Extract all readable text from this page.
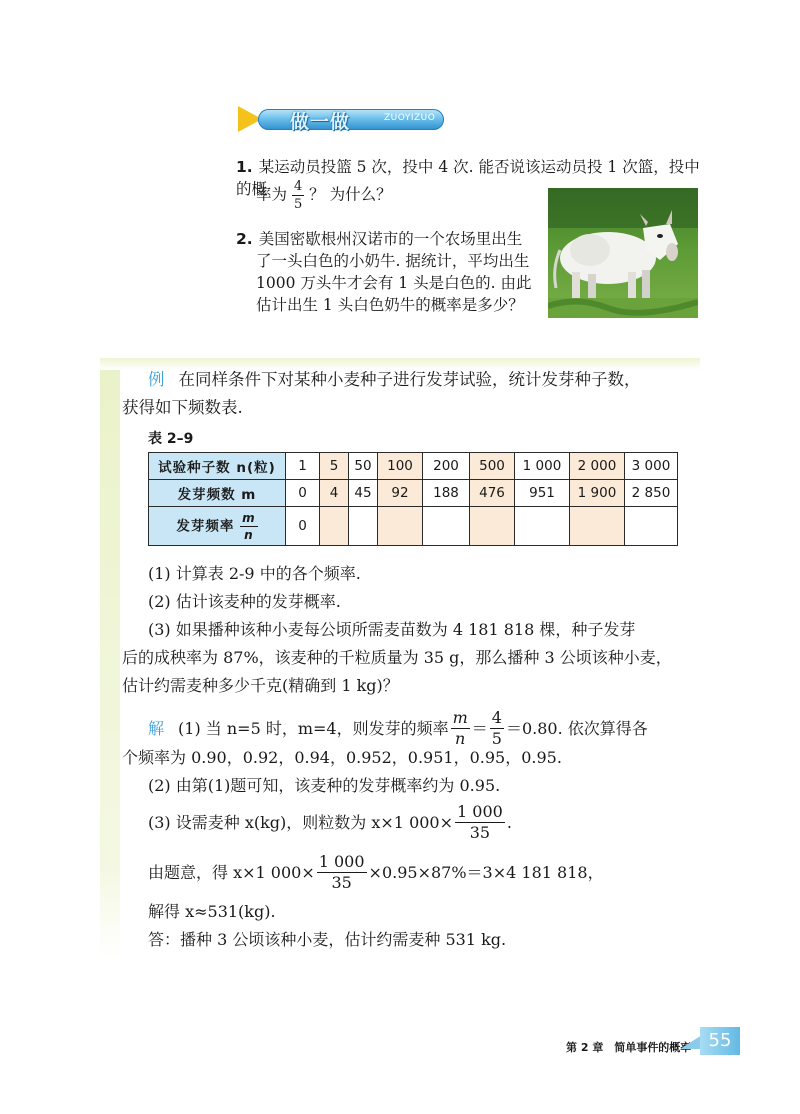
做一做	ZUOYIZUO
1. 某运动员投篮 5 次，投中 4 次. 能否说该运动员投 1 次篮，投中的概
率为 $\frac{4}{5}$ ？ 为什么？
2. 美国密歇根州汉诺市的一个农场里出生
了一头白色的小奶牛. 据统计，平均出生
1000 万头牛才会有 1 头是白色的. 由此
估计出生 1 头白色奶牛的概率是多少？
例 在同样条件下对某种小麦种子进行发芽试验，统计发芽种子数，
获得如下频数表.
表 2–9
试验种子数 n(粒)	1	5	50	100	200	500	1 000	2 000	3 000
发芽频数 m	0	4	45	92	188	476	951	1 900	2 850
发芽频率 $\frac{m}{n}$	0								
(1) 计算表 2-9 中的各个频率.
(2) 估计该麦种的发芽概率.
(3) 如果播种该种小麦每公顷所需麦苗数为 4 181 818 棵，种子发芽
后的成秧率为 87%，该麦种的千粒质量为 35 g，那么播种 3 公顷该种小麦，
估计约需麦种多少千克(精确到 1 kg)？
解 (1) 当 n=5 时，m=4，则发芽的频率 $\frac{m}{n} = \frac{4}{5} =0.80$. 依次算得各
个频率为 0.90，0.92，0.94，0.952，0.951，0.95，0.95.
(2) 由第(1)题可知，该麦种的发芽概率约为 0.95.
(3) 设需麦种 x(kg)，则粒数为 x×1 $000\times \frac{1 000}{35}$ .
由题意，得 x×1 $000\times \frac{1 000}{35} \times 0.95\times 87\%=3\times 4$ 181 818，
解得 x≈531(kg).
答：播种 3 公顷该种小麦，估计约需麦种 531 kg.
第 2 章　简单事件的概率 55
